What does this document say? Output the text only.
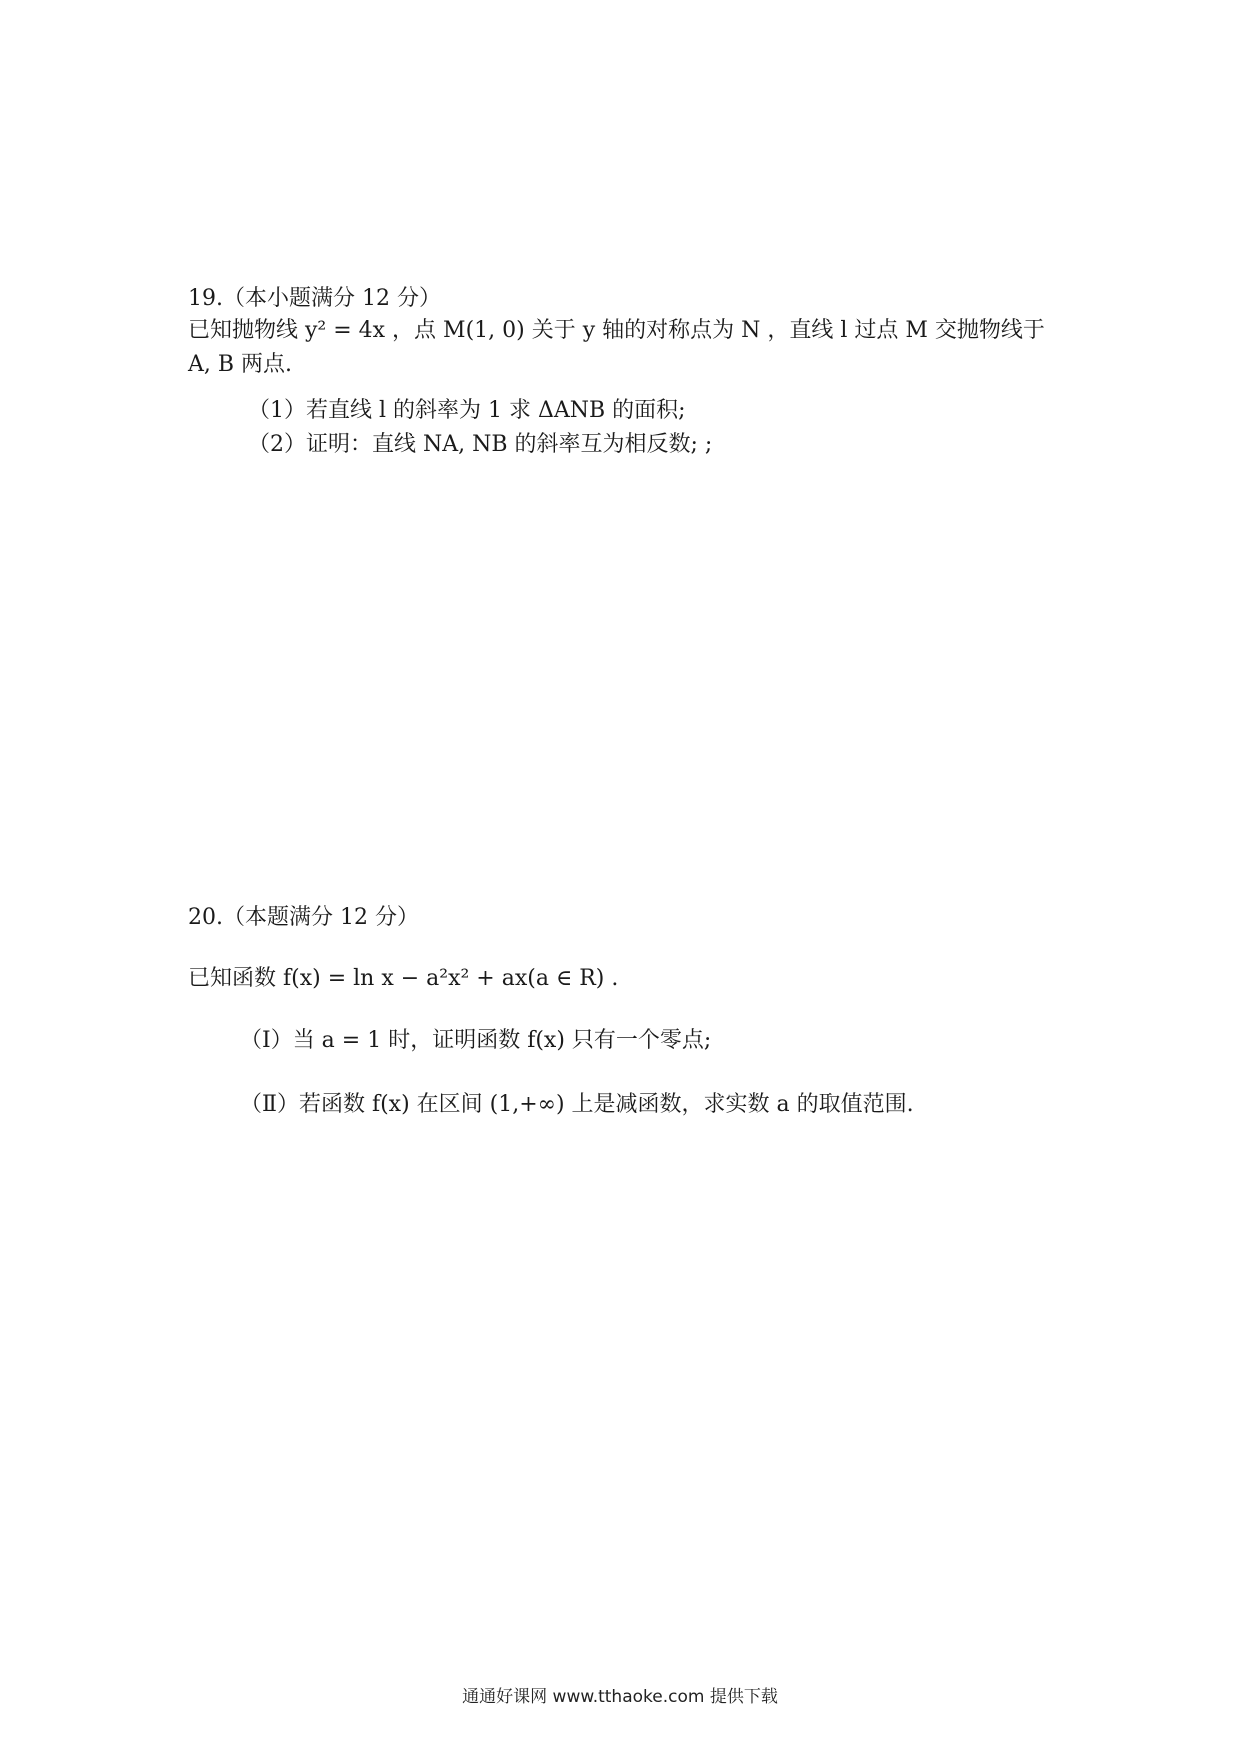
19.（本小题满分 12 分）
已知抛物线 y² = 4x ，点 M(1, 0) 关于 y 轴的对称点为 N ，直线 l 过点 M 交抛物线于
A, B 两点.
（1）若直线 l 的斜率为 1 求 ΔANB 的面积;
（2）证明：直线 NA, NB 的斜率互为相反数; ;
20.（本题满分 12 分）
已知函数 f(x) = ln x − a²x² + ax(a ∈ R) .
（Ⅰ）当 a = 1 时，证明函数 f(x) 只有一个零点;
（Ⅱ）若函数 f(x) 在区间 (1,+∞) 上是减函数，求实数 a 的取值范围.
通通好课网 www.tthaoke.com 提供下载
